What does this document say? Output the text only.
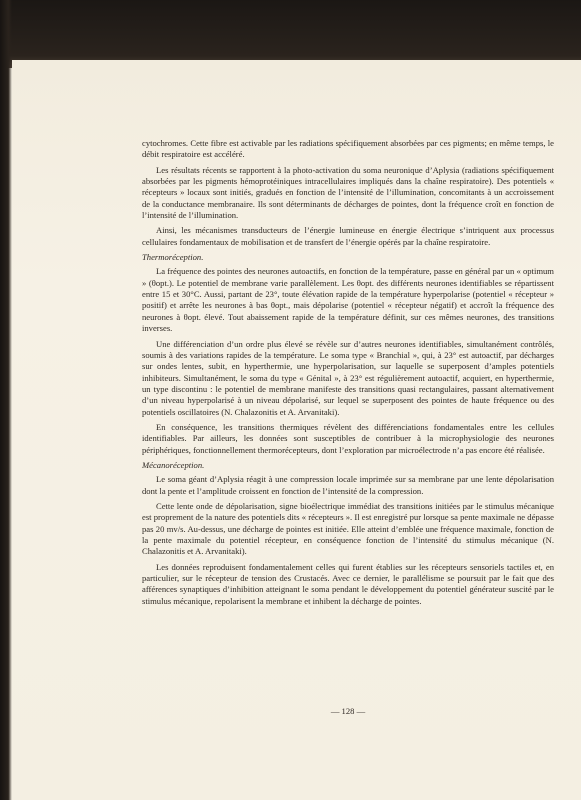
cytochromes. Cette fibre est activable par les radiations spécifiquement absorbées par ces pigments; en même temps, le débit respiratoire est accéléré.

Les résultats récents se rapportent à la photo-activation du soma neuronique d’Aplysia (radiations spécifiquement absorbées par les pigments hémoprotéiniques intracellulaires impliqués dans la chaîne respiratoire). Des potentiels « récepteurs » locaux sont initiés, gradués en fonction de l’intensité de l’illumination, concomitants à un accroissement de la conductance membranaire. Ils sont déterminants de décharges de pointes, dont la fréquence croît en fonction de l’intensité de l’illumination.

Ainsi, les mécanismes transducteurs de l’énergie lumineuse en énergie électrique s’intriquent aux processus cellulaires fondamentaux de mobilisation et de transfert de l’énergie opérés par la chaîne respiratoire.

Thermoréception.

La fréquence des pointes des neurones autoactifs, en fonction de la température, passe en général par un « optimum » (θopt.). Le potentiel de membrane varie parallèlement. Les θopt. des différents neurones identifiables se répartissent entre 15 et 30°C. Aussi, partant de 23°, toute élévation rapide de la température hyperpolarise (potentiel « récepteur » positif) et arrête les neurones à bas θopt., mais dépolarise (potentiel « récepteur négatif) et accroît la fréquence des neurones à θopt. élevé. Tout abaissement rapide de la température définit, sur ces mêmes neurones, des transitions inverses.

Une différenciation d’un ordre plus élevé se révèle sur d’autres neurones identifiables, simultanément contrôlés, soumis à des variations rapides de la température. Le soma type « Branchial », qui, à 23° est autoactif, par décharges sur ondes lentes, subit, en hyperthermie, une hyperpolarisation, sur laquelle se superposent d’amples potentiels inhibiteurs. Simultanément, le soma du type « Génital », à 23° est régulièrement autoactif, acquiert, en hyperthermie, un type discontinu : le potentiel de membrane manifeste des transitions quasi rectangulaires, passant alternativement d’un niveau hyperpolarisé à un niveau dépolarisé, sur lequel se superposent des pointes de haute fréquence ou des potentiels oscillatoires (N. Chalazonitis et A. Arvanitaki).

En conséquence, les transitions thermiques révèlent des différenciations fondamentales entre les cellules identifiables. Par ailleurs, les données sont susceptibles de contribuer à la microphysiologie des neurones périphériques, fonctionnellement thermorécepteurs, dont l’exploration par microélectrode n’a pas encore été réalisée.

Mécanoréception.

Le soma géant d’Aplysia réagit à une compression locale imprimée sur sa membrane par une lente dépolarisation dont la pente et l’amplitude croissent en fonction de l’intensité de la compression.

Cette lente onde de dépolarisation, signe bioélectrique immédiat des transitions initiées par le stimulus mécanique est proprement de la nature des potentiels dits « récepteurs ». Il est enregistré pur lorsque sa pente maximale ne dépasse pas 20 mv/s. Au-dessus, une décharge de pointes est initiée. Elle atteint d’emblée une fréquence maximale, fonction de la pente maximale du potentiel récepteur, en conséquence fonction de l’intensité du stimulus mécanique (N. Chalazonitis et A. Arvanitaki).

Les données reproduisent fondamentalement celles qui furent établies sur les récepteurs sensoriels tactiles et, en particulier, sur le récepteur de tension des Crustacés. Avec ce dernier, le parallélisme se poursuit par le fait que des afférences synaptiques d’inhibition atteignant le soma pendant le développement du potentiel générateur suscité par le stimulus mécanique, repolarisent la membrane et inhibent la décharge de pointes.

— 128 —
